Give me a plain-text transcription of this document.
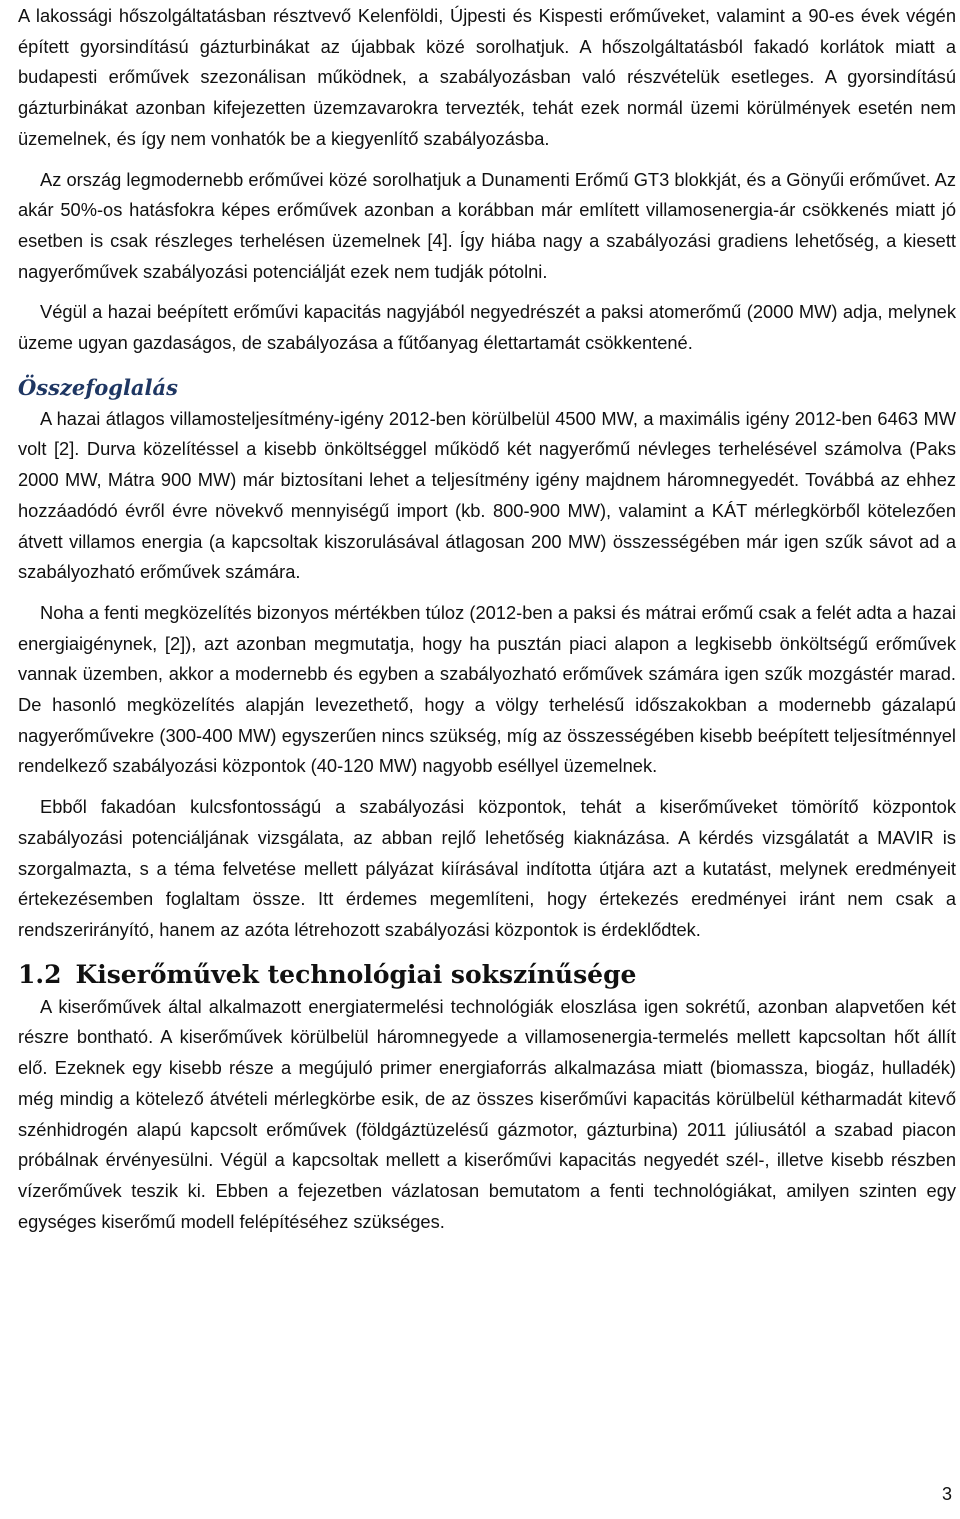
A lakossági hőszolgáltatásban résztvevő Kelenföldi, Újpesti és Kispesti erőműveket, valamint a 90-es évek végén épített gyorsindítású gázturbinákat az újabbak közé sorolhatjuk. A hőszolgáltatásból fakadó korlátok miatt a budapesti erőművek szezonálisan működnek, a szabályozásban való részvételük esetleges. A gyorsindítású gázturbinákat azonban kifejezetten üzemzavarokra tervezték, tehát ezek normál üzemi körülmények esetén nem üzemelnek, és így nem vonhatók be a kiegyenlítő szabályozásba.

Az ország legmodernebb erőművei közé sorolhatjuk a Dunamenti Erőmű GT3 blokkját, és a Gönyűi erőművet. Az akár 50%-os hatásfokra képes erőművek azonban a korábban már említett villamosenergia-ár csökkenés miatt jó esetben is csak részleges terhelésen üzemelnek [4]. Így hiába nagy a szabályozási gradiens lehetőség, a kiesett nagyerőművek szabályozási potenciálját ezek nem tudják pótolni.

Végül a hazai beépített erőművi kapacitás nagyjából negyedrészét a paksi atomerőmű (2000 MW) adja, melynek üzeme ugyan gazdaságos, de szabályozása a fűtőanyag élettartamát csökkentené.

Összefoglalás

A hazai átlagos villamosteljesítmény-igény 2012-ben körülbelül 4500 MW, a maximális igény 2012-ben 6463 MW volt [2]. Durva közelítéssel a kisebb önköltséggel működő két nagyerőmű névleges terhelésével számolva (Paks 2000 MW, Mátra 900 MW) már biztosítani lehet a teljesítmény igény majdnem háromnegyedét. Továbbá az ehhez hozzáadódó évről évre növekvő mennyiségű import (kb. 800-900 MW), valamint a KÁT mérlegkörből kötelezően átvett villamos energia (a kapcsoltak kiszorulásával átlagosan 200 MW) összességében már igen szűk sávot ad a szabályozható erőművek számára.

Noha a fenti megközelítés bizonyos mértékben túloz (2012-ben a paksi és mátrai erőmű csak a felét adta a hazai energiaigénynek, [2]), azt azonban megmutatja, hogy ha pusztán piaci alapon a legkisebb önköltségű erőművek vannak üzemben, akkor a modernebb és egyben a szabályozható erőművek számára igen szűk mozgástér marad. De hasonló megközelítés alapján levezethető, hogy a völgy terhelésű időszakokban a modernebb gázalapú nagyerőművekre (300-400 MW) egyszerűen nincs szükség, míg az összességében kisebb beépített teljesítménnyel rendelkező szabályozási központok (40-120 MW) nagyobb eséllyel üzemelnek.

Ebből fakadóan kulcsfontosságú a szabályozási központok, tehát a kiserőműveket tömörítő központok szabályozási potenciáljának vizsgálata, az abban rejlő lehetőség kiaknázása. A kérdés vizsgálatát a MAVIR is szorgalmazta, s a téma felvetése mellett pályázat kiírásával indította útjára azt a kutatást, melynek eredményeit értekezésemben foglaltam össze. Itt érdemes megemlíteni, hogy értekezés eredményei iránt nem csak a rendszerirányító, hanem az azóta létrehozott szabályozási központok is érdeklődtek.

1.2 Kiserőművek technológiai sokszínűsége

A kiserőművek által alkalmazott energiatermelési technológiák eloszlása igen sokrétű, azonban alapvetően két részre bontható. A kiserőművek körülbelül háromnegyede a villamosenergia-termelés mellett kapcsoltan hőt állít elő. Ezeknek egy kisebb része a megújuló primer energiaforrás alkalmazása miatt (biomassza, biogáz, hulladék) még mindig a kötelező átvételi mérlegkörbe esik, de az összes kiserőművi kapacitás körülbelül kétharmadát kitevő szénhidrogén alapú kapcsolt erőművek (földgáztüzelésű gázmotor, gázturbina) 2011 júliusától a szabad piacon próbálnak érvényesülni. Végül a kapcsoltak mellett a kiserőművi kapacitás negyedét szél-, illetve kisebb részben vízerőművek teszik ki. Ebben a fejezetben vázlatosan bemutatom a fenti technológiákat, amilyen szinten egy egységes kiserőmű modell felépítéséhez szükséges.

3
